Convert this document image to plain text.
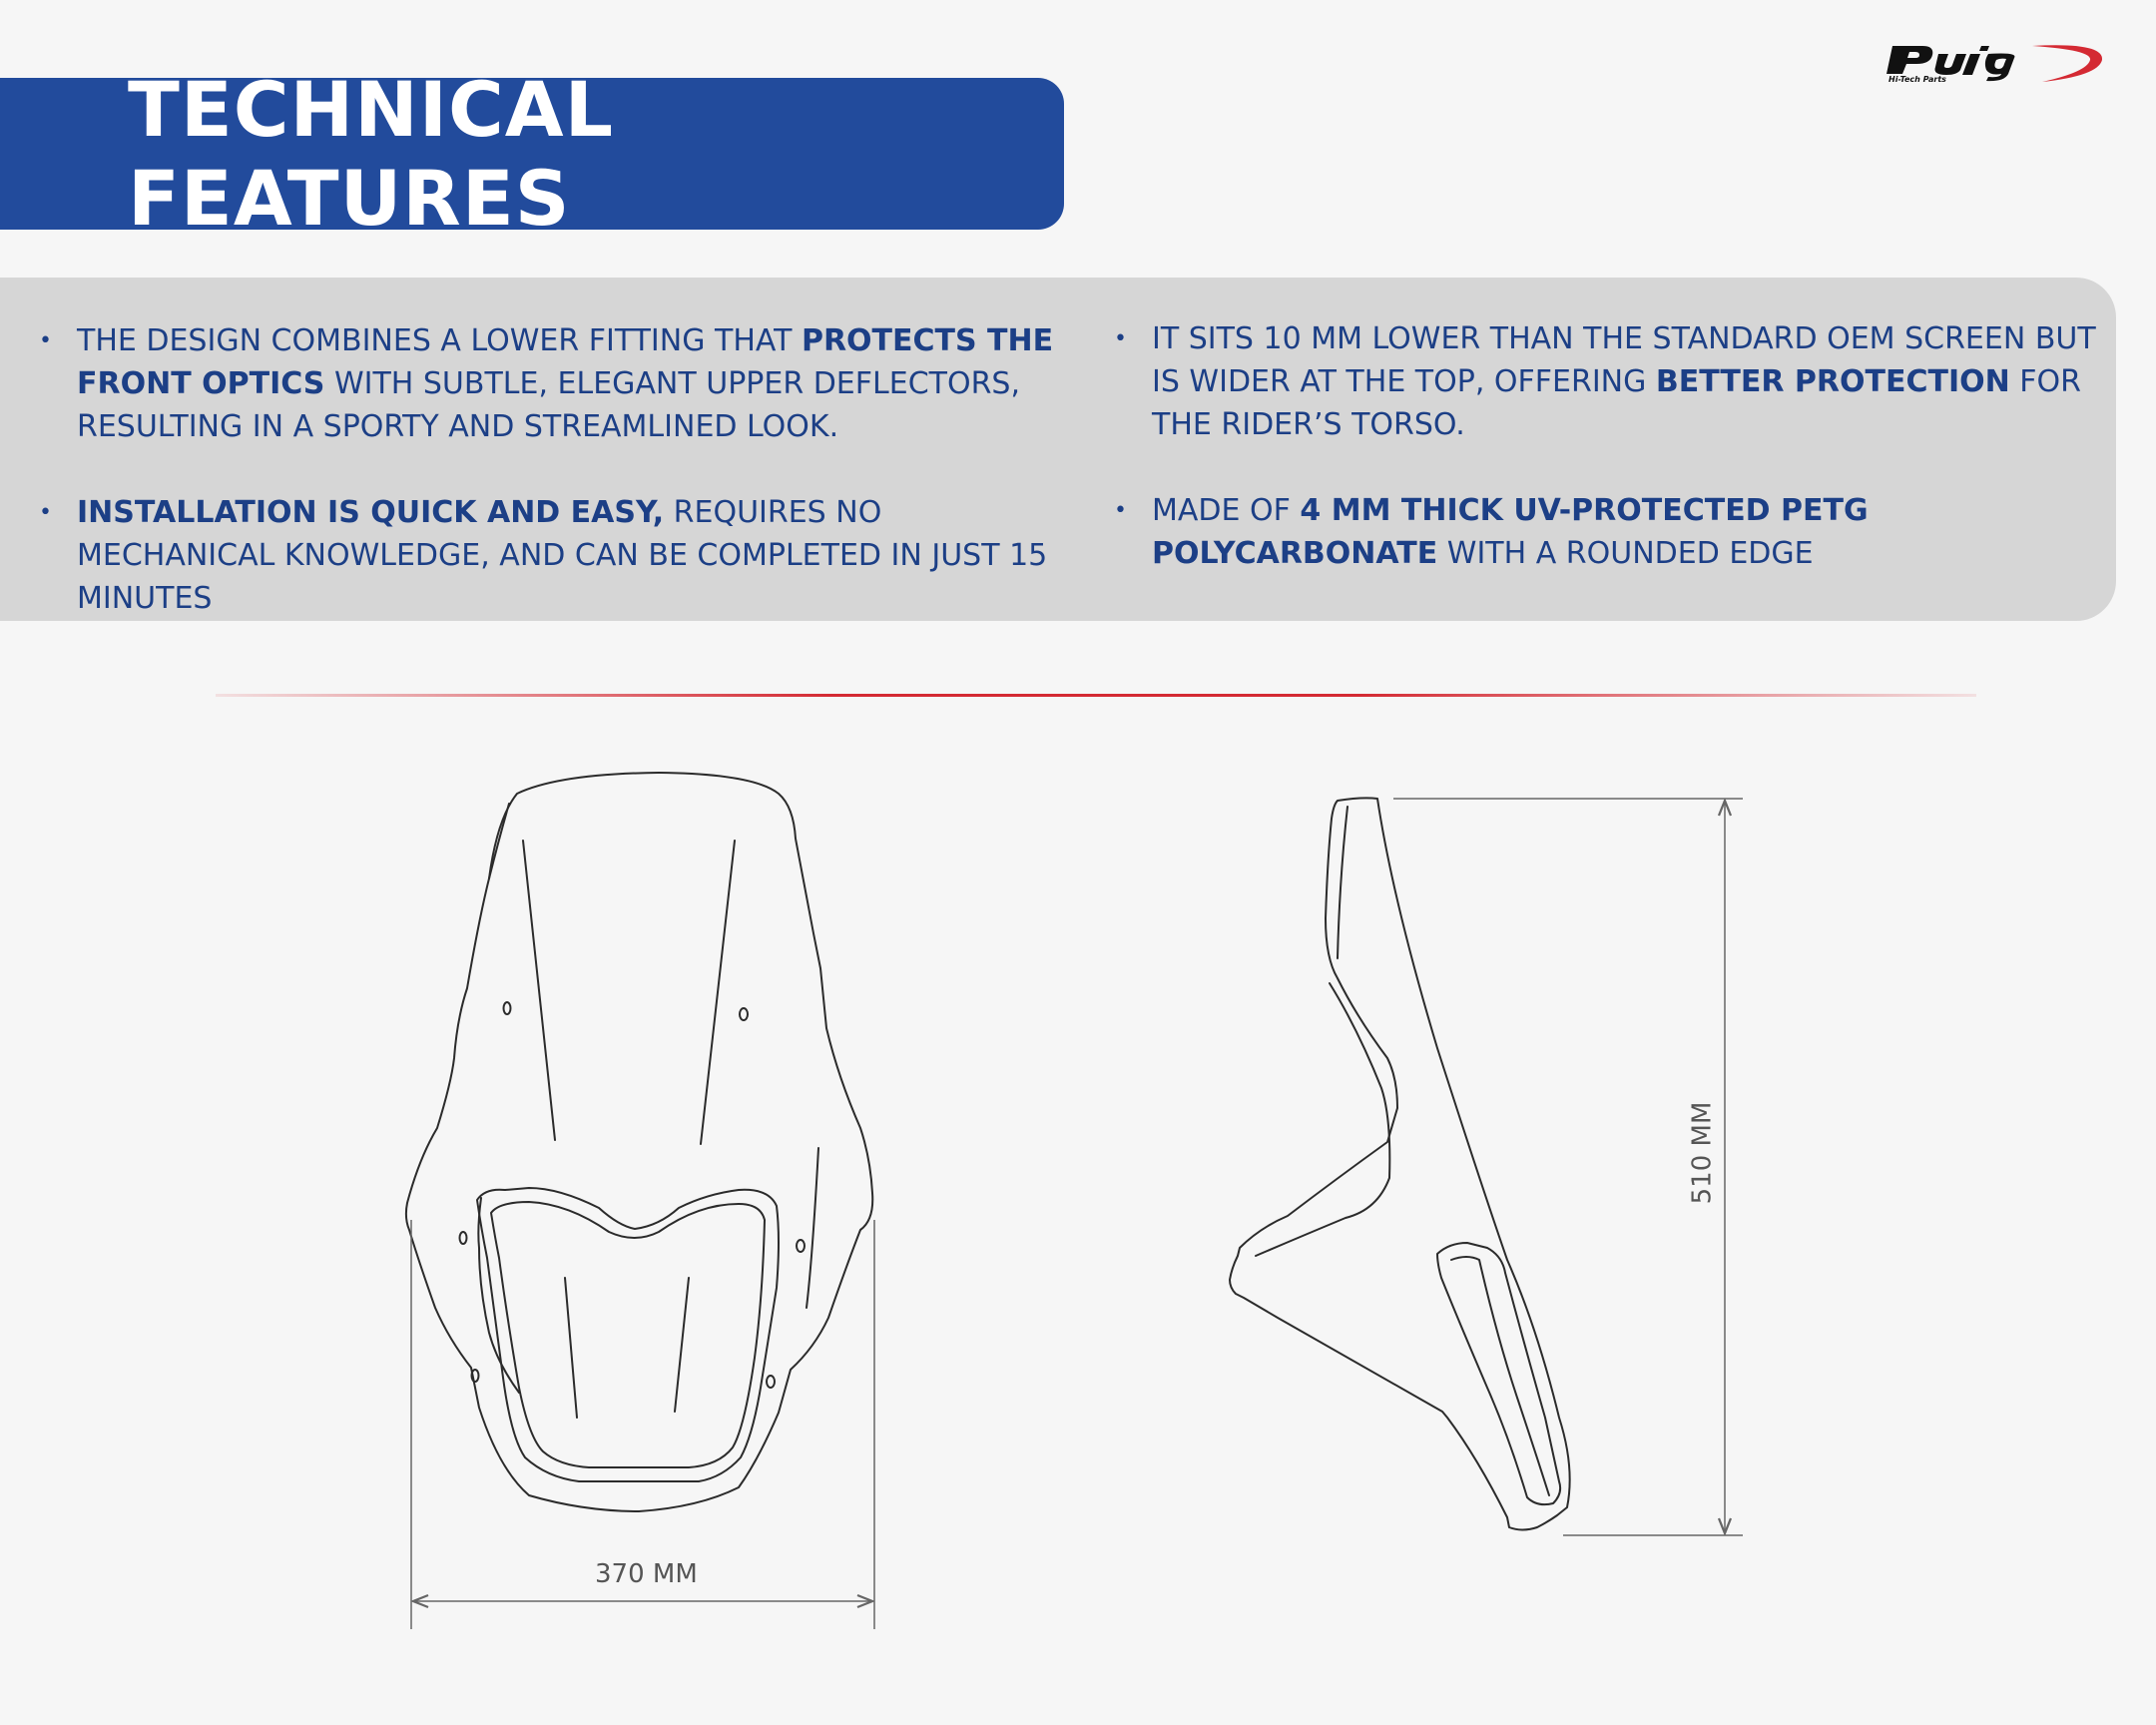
TECHNICAL FEATURES
Hi-Tech Parts
• THE DESIGN COMBINES A LOWER FITTING THAT PROTECTS THE FRONT OPTICS WITH SUBTLE, ELEGANT UPPER DEFLECTORS, RESULTING IN A SPORTY AND STREAMLINED LOOK.
• INSTALLATION IS QUICK AND EASY, REQUIRES NO MECHANICAL KNOWLEDGE, AND CAN BE COMPLETED IN JUST 15 MINUTES
• IT SITS 10 MM LOWER THAN THE STANDARD OEM SCREEN BUT IS WIDER AT THE TOP, OFFERING BETTER PROTECTION FOR THE RIDER’S TORSO.
• MADE OF 4 MM THICK UV-PROTECTED PETG POLYCARBONATE WITH A ROUNDED EDGE
370 MM
510 MM
